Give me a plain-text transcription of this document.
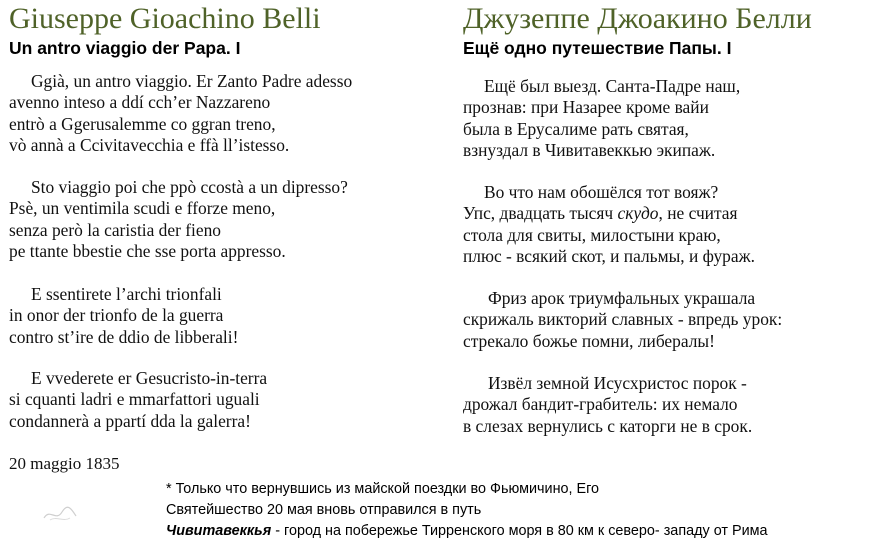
Giuseppe Gioachino Belli
Un antro viaggio der Papa. I
Ggià, un antro viaggio. Er Zanto Padre adesso
avenno inteso a ddí cch’er Nazzareno
entrò a Ggerusalemme co ggran treno,
vò annà a Ccivitavecchia e ffà ll’istesso.
Sto viaggio poi che ppò ccostà a un dipresso?
Psè, un ventimila scudi e fforze meno,
senza però la caristia der fieno
pe ttante bbestie che sse porta appresso.
E ssentirete l’archi trionfali
in onor der trionfo de la guerra
contro st’ire de ddio de libberali!
E vvederete er Gesucristo-in-terra
si cquanti ladri e mmarfattori uguali
condannerà a ppartí dda la galerra!
20 maggio 1835
Джузеппе Джоакино Белли
Ещё одно путешествие Папы. I
Ещё был выезд. Санта-Падре наш,
прознав: при Назарее кроме вайи
была в Ерусалиме рать святая,
взнуздал в Чивитавеккью экипаж.
Во что нам обошёлся тот вояж?
Упс, двадцать тысяч скудо, не считая
стола для свиты, милостыни краю,
плюс - всякий скот, и пальмы, и фураж.
Фриз арок триумфальных украшала
скрижаль викторий славных - впредь урок:
стрекало божье помни, либералы!
Извёл земной Исусхристос порок -
дрожал бандит-грабитель: их немало
в слезах вернулись с каторги не в срок.
* Только что вернувшись из майской поездки во Фьюмичино, Его
Святейшество 20 мая вновь отправился в путь
Чивитавеккья - город на побережье Тирренского моря в 80 км к северо- западу от Рима
